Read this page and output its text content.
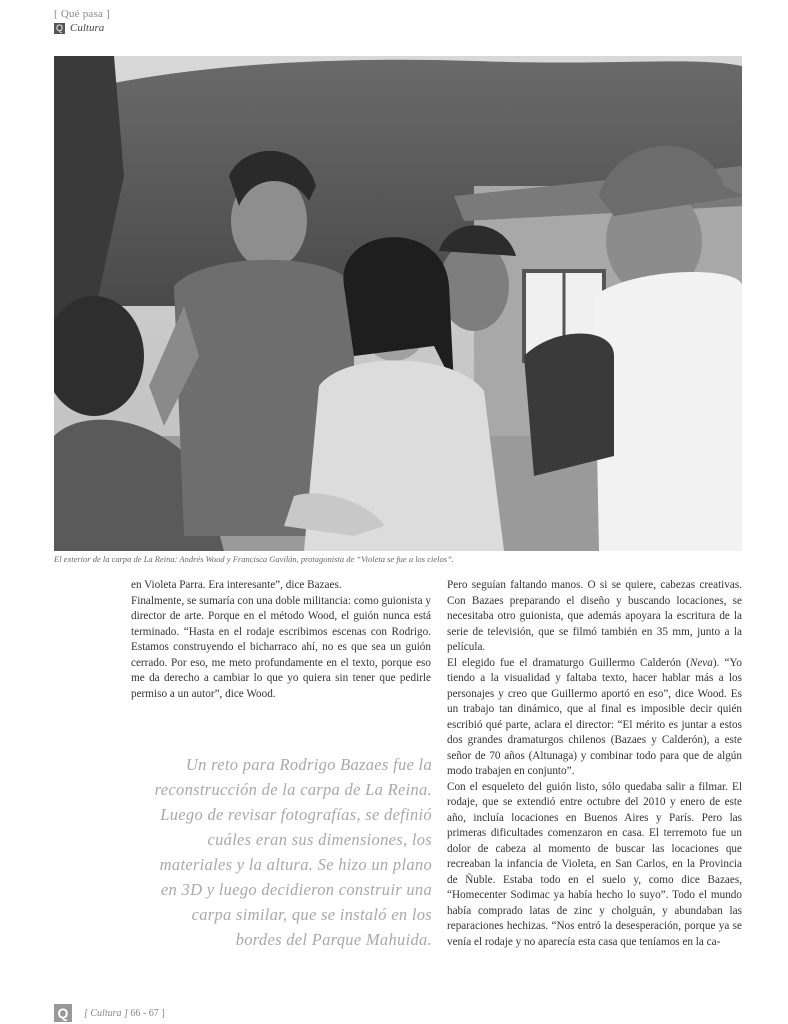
[ Qué pasa ]
Q Cultura
El exterior de la carpa de La Reina: Andrés Wood y Francisca Gavilán, protagonista de “Violeta se fue a los cielos”.

en Violeta Parra. Era interesante”, dice Bazaes.

Finalmente, se sumaría con una doble militancia: como guionista y director de arte. Porque en el método Wood, el guión nunca está terminado. “Hasta en el rodaje escribimos escenas con Rodrigo. Estamos construyendo el bicharraco ahí, no es que sea un guión cerrado. Por eso, me meto profundamente en el texto, porque eso me da derecho a cambiar lo que yo quiera sin tener que pedirle permiso a un autor”, dice Wood.

Un reto para Rodrigo Bazaes fue la reconstrucción de la carpa de La Reina. Luego de revisar fotografías, se definió cuáles eran sus dimensiones, los materiales y la altura. Se hizo un plano en 3D y luego decidieron construir una carpa similar, que se instaló en los bordes del Parque Mahuida.

Pero seguían faltando manos. O si se quiere, cabezas creativas. Con Bazaes preparando el diseño y buscando locaciones, se necesitaba otro guionista, que además apoyara la escritura de la serie de televisión, que se filmó también en 35 mm, junto a la película.

El elegido fue el dramaturgo Guillermo Calderón (Neva). “Yo tiendo a la visualidad y faltaba texto, hacer hablar más a los personajes y creo que Guillermo aportó en eso”, dice Wood. Es un trabajo tan dinámico, que al final es imposible decir quién escribió qué parte, aclara el director: “El mérito es juntar a estos dos grandes dramaturgos chilenos (Bazaes y Calderón), a este señor de 70 años (Altunaga) y combinar todo para que de algún modo trabajen en conjunto”.

Con el esqueleto del guión listo, sólo quedaba salir a filmar. El rodaje, que se extendió entre octubre del 2010 y enero de este año, incluía locaciones en Buenos Aires y París. Pero las primeras dificultades comenzaron en casa. El terremoto fue un dolor de cabeza al momento de buscar las locaciones que recreaban la infancia de Violeta, en San Carlos, en la Provincia de Ñuble. Estaba todo en el suelo y, como dice Bazaes, “Homecenter Sodimac ya había hecho lo suyo”. Todo el mundo había comprado latas de zinc y cholguán, y abundaban las reparaciones hechizas. “Nos entró la desesperación, porque ya se venía el rodaje y no aparecía esta casa que teníamos en la ca-

Q	[ Cultura ] 66 - 67 ]
